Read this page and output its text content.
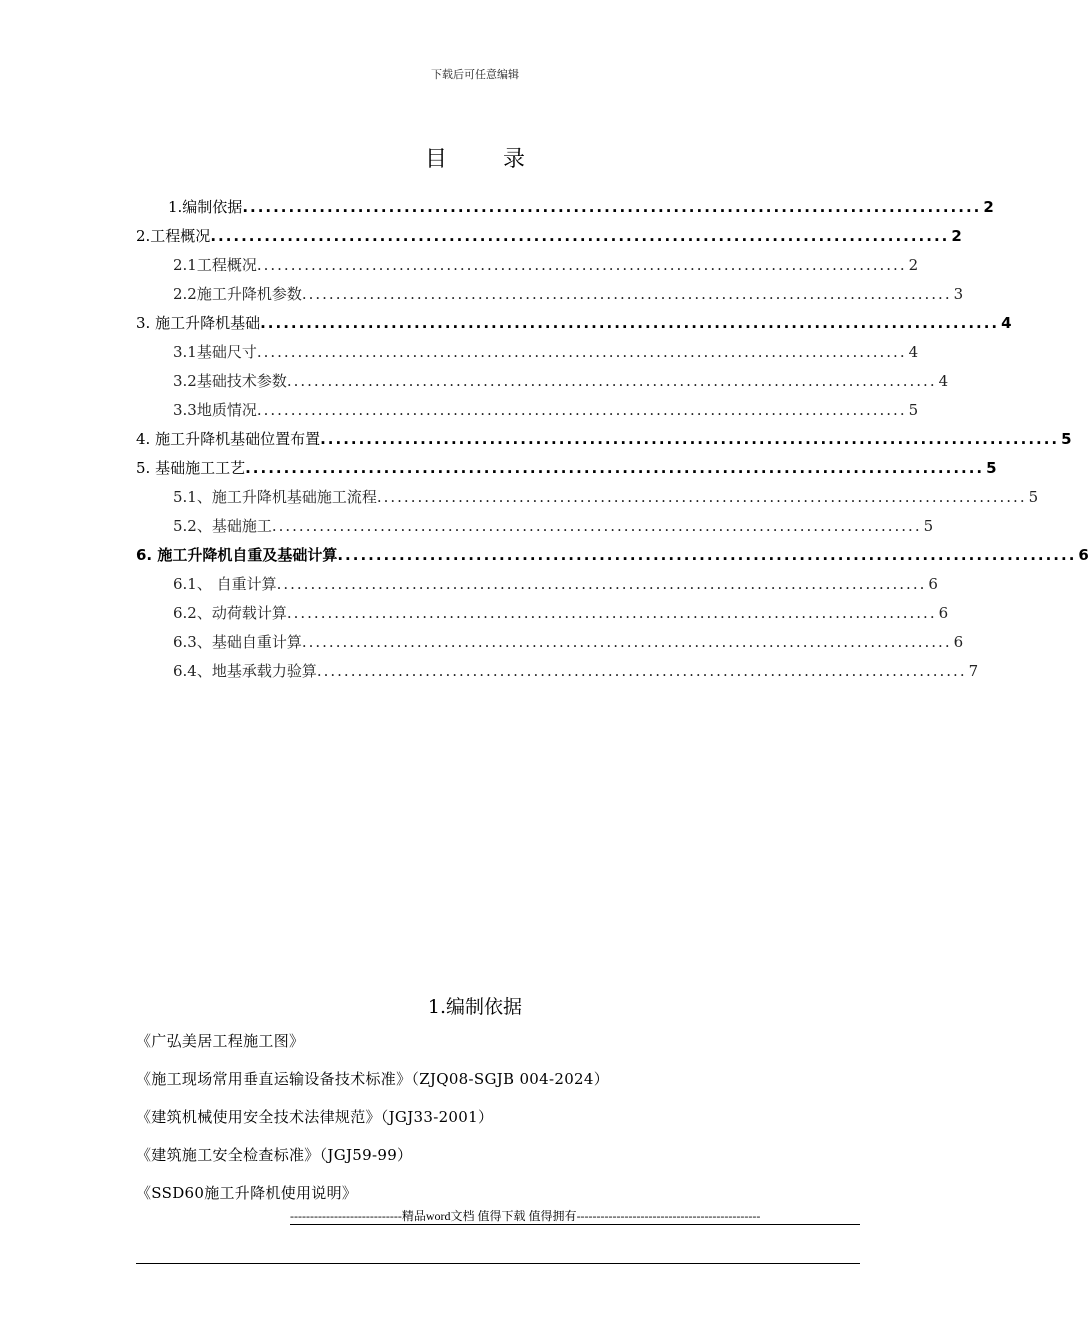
下载后可任意编辑
目录
1.编制依据 ................................................................................................ 2
2.工程概况 ................................................................................................ 2
2.1工程概况 ................................................................................................ 2
2.2施工升降机参数 ................................................................................................ 3
3. 施工升降机基础 ................................................................................................ 4
3.1基础尺寸 ................................................................................................ 4
3.2基础技术参数 ................................................................................................ 4
3.3地质情况 ................................................................................................ 5
4. 施工升降机基础位置布置 ................................................................................................ 5
5. 基础施工工艺 ................................................................................................ 5
5.1、施工升降机基础施工流程 ................................................................................................ 5
5.2、基础施工 ................................................................................................ 5
6. 施工升降机自重及基础计算 ................................................................................................ 6
6.1、 自重计算 ................................................................................................ 6
6.2、动荷载计算 ................................................................................................ 6
6.3、基础自重计算 ................................................................................................ 6
6.4、地基承载力验算 ................................................................................................ 7
1.编制依据
《广弘美居工程施工图》
《施工现场常用垂直运输设备技术标准》（ZJQ08-SGJB 004-2024）
《建筑机械使用安全技术法律规范》（JGJ33-2001）
《建筑施工安全检查标准》（JGJ59-99）
《SSD60施工升降机使用说明》
----------------------------精品word文档 值得下载 值得拥有----------------------------------------------
